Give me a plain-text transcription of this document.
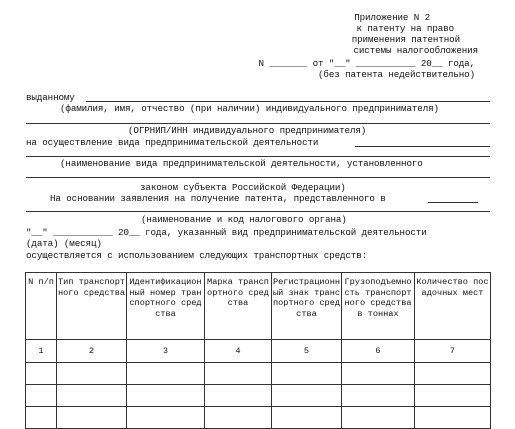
Приложение N 2
к патенту на право
применения патентной
системы налогообложения
N _______ от "__" ___________ 20__ года,
(без патента недействительно)
выданному
(фамилия, имя, отчество (при наличии) индивидуального предпринимателя)
(ОГРНИП/ИНН индивидуального предпринимателя)
на осуществление вида предпринимательской деятельности
(наименование вида предпринимательской деятельности, установленного
законом субъекта Российской Федерации)
На основании заявления на получение патента, представленного в
(наименование и код налогового органа)
"__" ___________ 20__ года, указанный вид предпринимательской деятельности
(дата) (месяц)
осуществляется с использованием следующих транспортных средств:
N п/п	Тип транспортного средства	Идентификационный номер транспортного средства	Марка транспортного средства	Регистрационный знак транспортного средства	Грузоподъемность транспортного средства в тоннах	Количество посадочных мест
1	2	3	4	5	6	7
